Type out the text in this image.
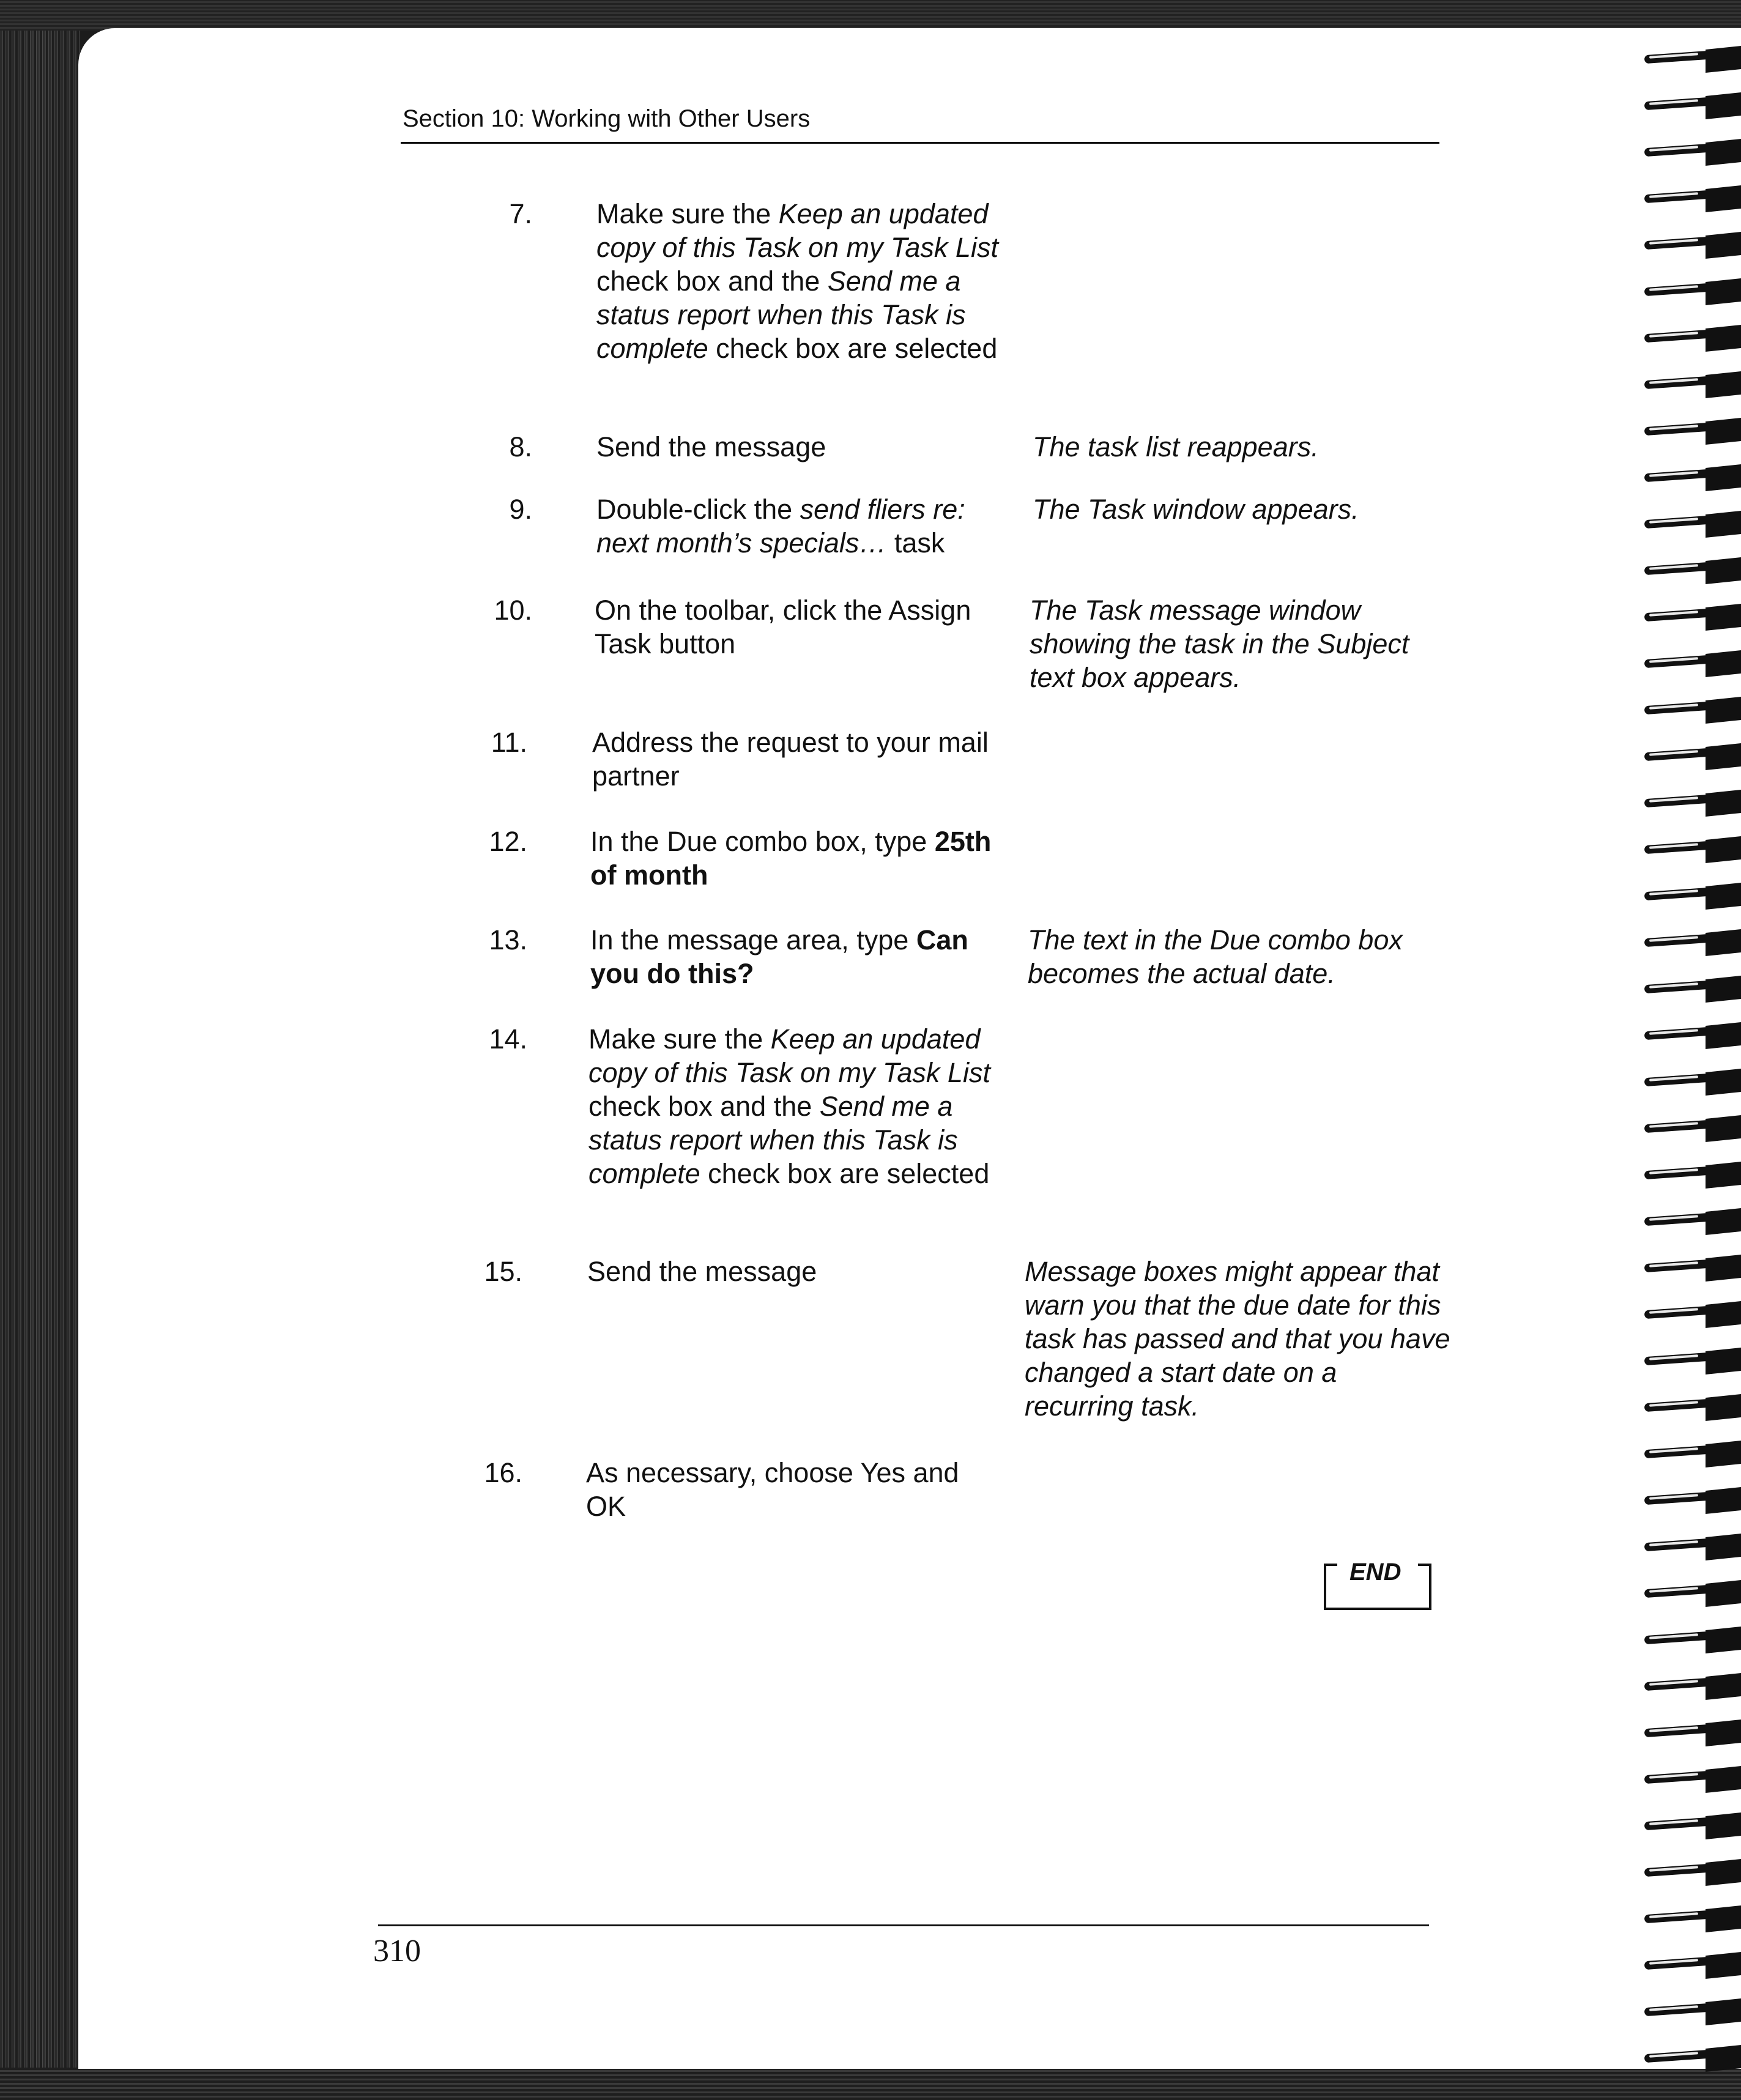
Section 10: Working with Other Users
7. Make sure the Keep an updated copy of this Task on my Task List check box and the Send me a status report when this Task is complete check box are selected
8. Send the message	The task list reappears.
9. Double-click the send fliers re: next month’s specials… task
The Task window appears.
10. On the toolbar, click the Assign Task button
The Task message window showing the task in the Subject text box appears.
11. Address the request to your mail partner
12. In the Due combo box, type 25th of month
13. In the message area, type Can you do this?
The text in the Due combo box becomes the actual date.
14. Make sure the Keep an updated copy of this Task on my Task List check box and the Send me a status report when this Task is complete check box are selected
15. Send the message	Message boxes might appear that warn you that the due date for this task has passed and that you have changed a start date on a recurring task.
16. As necessary, choose Yes and OK
END
310
